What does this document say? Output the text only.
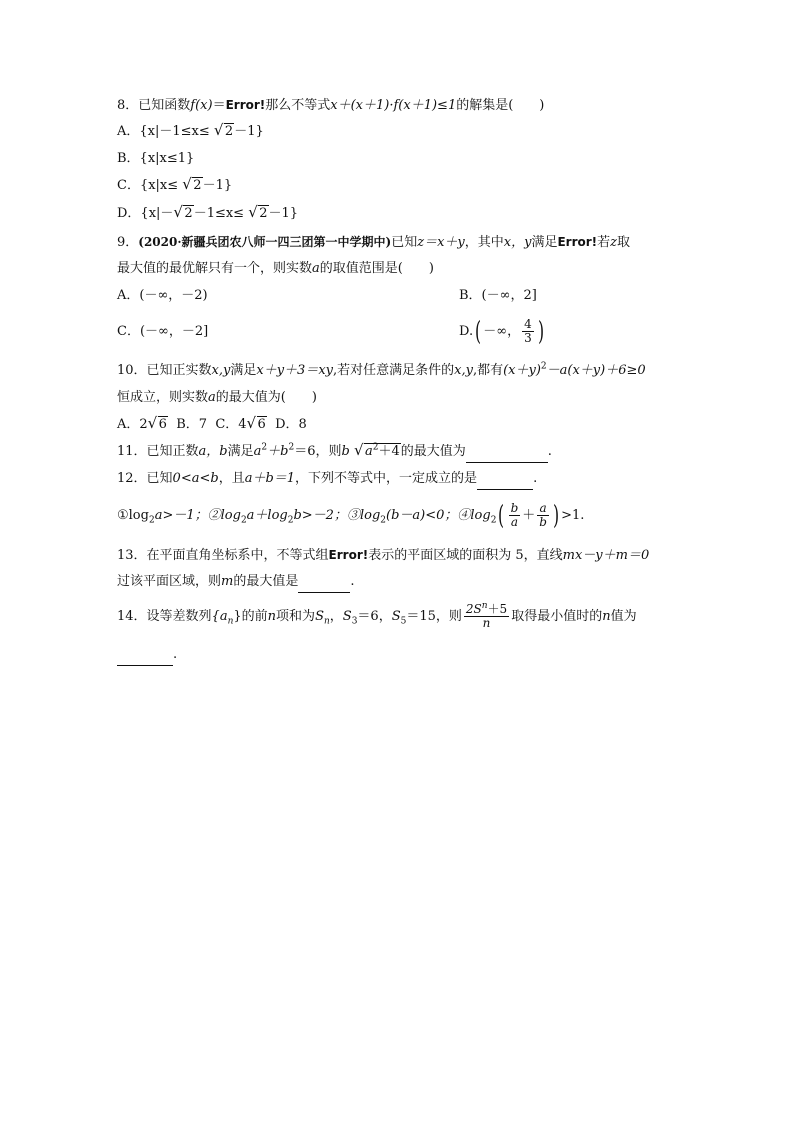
8．已知函数f(x)＝Error!那么不等式x＋(x＋1)·f(x＋1)≤1的解集是(　　)
A．{x|－1≤x≤ √ 2－1}
B．{x|x≤1}
C．{x|x≤ √ 2－1}
D．{x|－ √ 2－1≤x≤ √ 2－1}
9．(2020·新疆兵团农八师一四三团第一中学期中)已知z＝x＋y，其中x，y满足Error!若z取
最大值的最优解只有一个，则实数a的取值范围是(　　)
A．(－∞，－2)	B．(－∞，2]
C．(－∞，－2]	D.( －∞， $\frac{4}{3}$ )
10．已知正实数x,y满足x＋y＋3＝xy,若对任意满足条件的x,y,都有$(x+y)^2-a(x+y)+6\ge 0$
恒成立，则实数a的最大值为(　　)
A．2 √ 6 B．7 C．4 √ 6 D．8
11．已知正数a，b满足$a^2+b^2=6$，则b √ $a^2+4$的最大值为	.
12．已知0<a<b，且a＋b＝1，下列不等式中，一定成立的是	.
$①\log_2a>-1$；$②\log_2a+\log_2b>-2$；$③\log_2(b-a)<0$；$④\log_2( \frac{b}{a} + \frac{a}{b}$ ) >1.
13．在平面直角坐标系中，不等式组Error!表示的平面区域的面积为 5，直线mx－y＋m＝0
过该平面区域，则m的最大值是	.
14．设等差数列$\{a_n\}$的前n项和为$S_n$，$S_3=6$，$S_5=15$，则 $\frac{2S^n+5}{n}$ 取得最小值时的n值为
.
